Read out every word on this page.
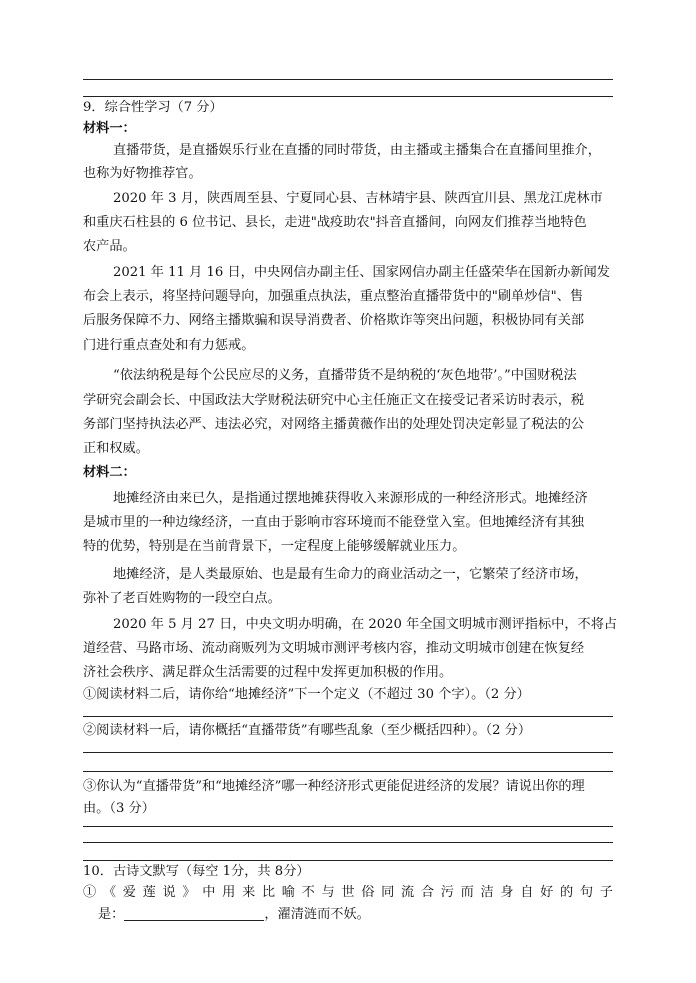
9．综合性学习（7 分）
材料一：
直播带货，是直播娱乐行业在直播的同时带货，由主播或主播集合在直播间里推介，
也称为好物推荐官。
2020 年 3 月，陕西周至县、宁夏同心县、吉林靖宇县、陕西宜川县、黑龙江虎林市
和重庆石柱县的 6 位书记、县长，走进"战疫助农"抖音直播间，向网友们推荐当地特色
农产品。
2021 年 11 月 16 日，中央网信办副主任、国家网信办副主任盛荣华在国新办新闻发
布会上表示，将坚持问题导向，加强重点执法，重点整治直播带货中的"刷单炒信"、售
后服务保障不力、网络主播欺骗和误导消费者、价格欺诈等突出问题，积极协同有关部
门进行重点查处和有力惩戒。
“依法纳税是每个公民应尽的义务，直播带货不是纳税的‘灰色地带’。”中国财税法
学研究会副会长、中国政法大学财税法研究中心主任施正文在接受记者采访时表示，税
务部门坚持执法必严、违法必究，对网络主播黄薇作出的处理处罚决定彰显了税法的公
正和权威。
材料二：
地摊经济由来已久，是指通过摆地摊获得收入来源形成的一种经济形式。地摊经济
是城市里的一种边缘经济，一直由于影响市容环境而不能登堂入室。但地摊经济有其独
特的优势，特别是在当前背景下，一定程度上能够缓解就业压力。
地摊经济，是人类最原始、也是最有生命力的商业活动之一，它繁荣了经济市场，
弥补了老百姓购物的一段空白点。
2020 年 5 月 27 日，中央文明办明确，在 2020 年全国文明城市测评指标中，不将占
道经营、马路市场、流动商贩列为文明城市测评考核内容，推动文明城市创建在恢复经
济社会秩序、满足群众生活需要的过程中发挥更加积极的作用。
①阅读材料二后，请你给“地摊经济”下一个定义（不超过 30 个字）。（2 分）
②阅读材料一后，请你概括“直播带货”有哪些乱象（至少概括四种）。（2 分）
③你认为“直播带货”和“地摊经济”哪一种经济形式更能促进经济的发展？请说出你的理
由。（3 分）
10．古诗文默写（每空 1分，共 8分）
①《爱莲说》中用来比喻不与世俗同流合污而洁身自好的句子
是：	，濯清涟而不妖。
